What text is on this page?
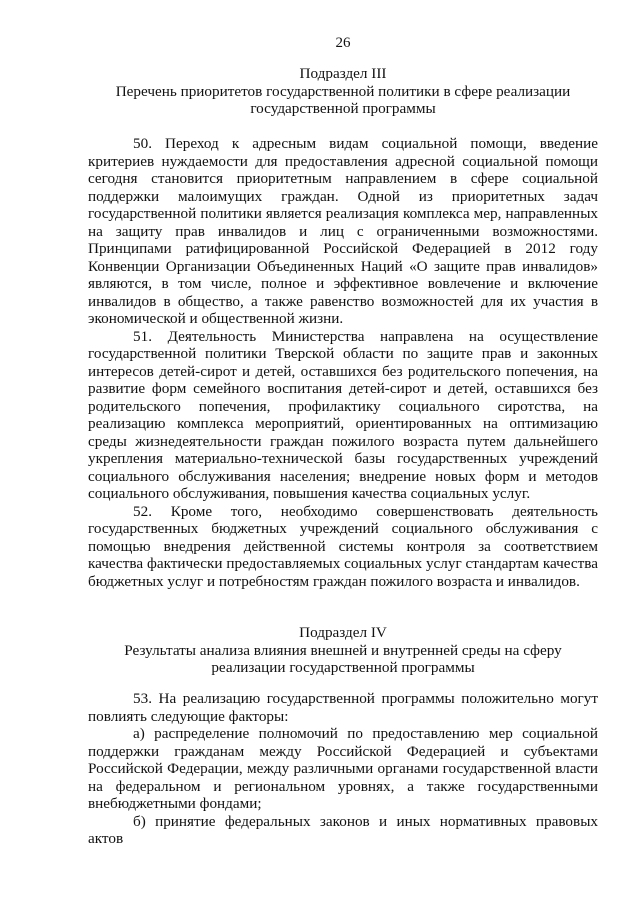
26
Подраздел III
Перечень приоритетов государственной политики в сфере реализации государственной программы

50. Переход к адресным видам социальной помощи, введение критериев нуждаемости для предоставления адресной социальной помощи сегодня становится приоритетным направлением в сфере социальной поддержки малоимущих граждан. Одной из приоритетных задач государственной политики является реализация комплекса мер, направленных на защиту прав инвалидов и лиц с ограниченными возможностями. Принципами ратифицированной Российской Федерацией в 2012 году Конвенции Организации Объединенных Наций «О защите прав инвалидов» являются, в том числе, полное и эффективное вовлечение и включение инвалидов в общество, а также равенство возможностей для их участия в экономической и общественной жизни.

51. Деятельность Министерства направлена на осуществление государственной политики Тверской области по защите прав и законных интересов детей-сирот и детей, оставшихся без родительского попечения, на развитие форм семейного воспитания детей-сирот и детей, оставшихся без родительского попечения, профилактику социального сиротства, на реализацию комплекса мероприятий, ориентированных на оптимизацию среды жизнедеятельности граждан пожилого возраста путем дальнейшего укрепления материально-технической базы государственных учреждений социального обслуживания населения; внедрение новых форм и методов социального обслуживания, повышения качества социальных услуг.

52. Кроме того, необходимо совершенствовать деятельность государственных бюджетных учреждений социального обслуживания с помощью внедрения действенной системы контроля за соответствием качества фактически предоставляемых социальных услуг стандартам качества бюджетных услуг и потребностям граждан пожилого возраста и инвалидов.

Подраздел IV
Результаты анализа влияния внешней и внутренней среды на сферу реализации государственной программы

53. На реализацию государственной программы положительно могут повлиять следующие факторы:

а) распределение полномочий по предоставлению мер социальной поддержки гражданам между Российской Федерацией и субъектами Российской Федерации, между различными органами государственной власти на федеральном и региональном уровнях, а также государственными внебюджетными фондами;

б) принятие федеральных законов и иных нормативных правовых актов
